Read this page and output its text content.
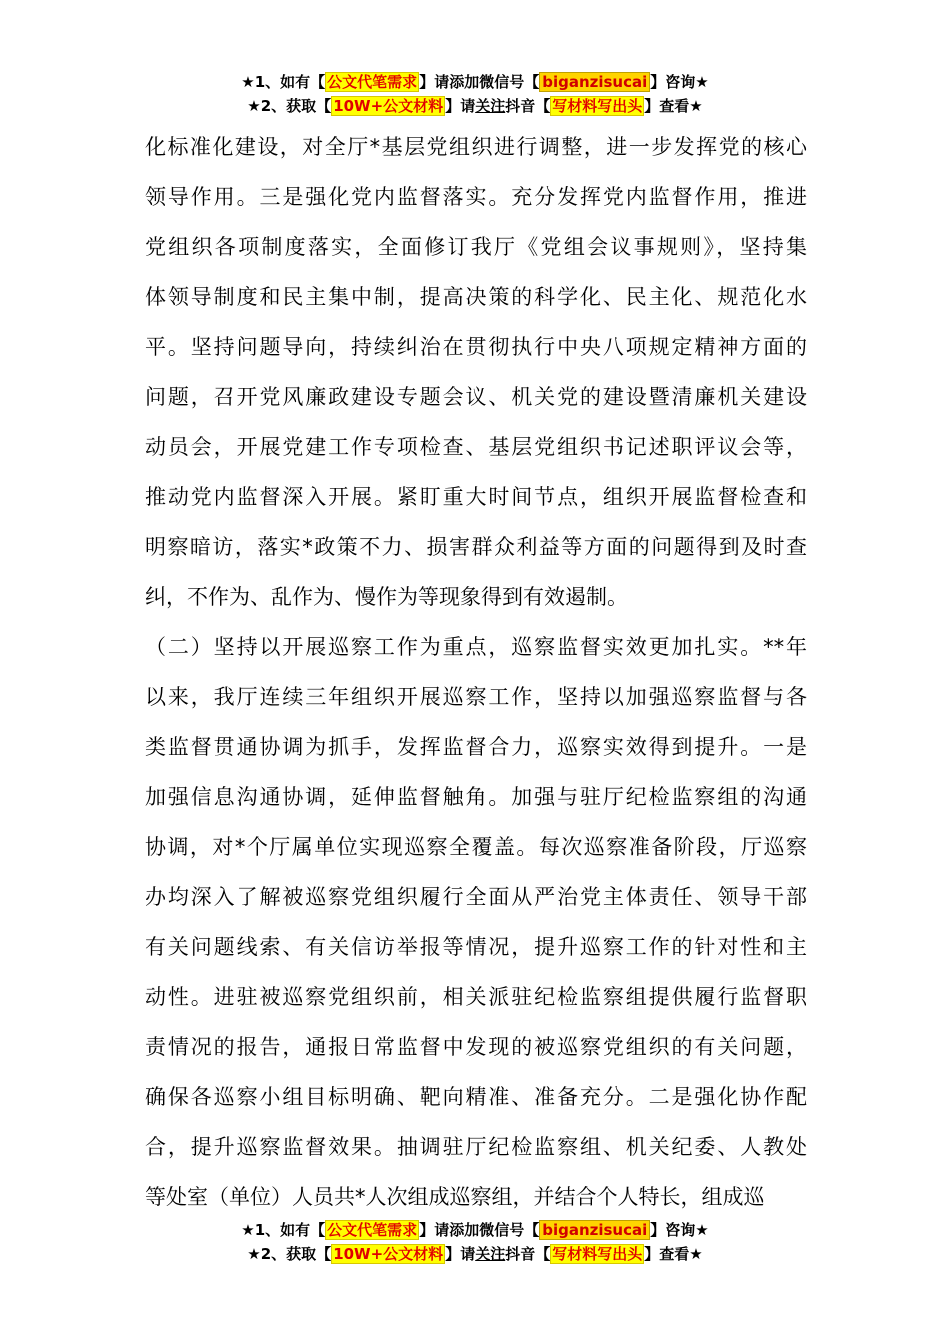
★1、如有【 公文代笔需求 】请添加微信号【 biganzisucai 】咨询★
★2、获取【 10W+公文材料 】请关注抖音【 写材料写出头 】查看★
化标准化建设，对全厅*基层党组织进行调整，进一步发挥党的核心
领导作用。三是强化党内监督落实。充分发挥党内监督作用，推进
党组织各项制度落实，全面修订我厅《党组会议事规则》，坚持集
体领导制度和民主集中制，提高决策的科学化、民主化、规范化水
平。坚持问题导向，持续纠治在贯彻执行中央八项规定精神方面的
问题，召开党风廉政建设专题会议、机关党的建设暨清廉机关建设
动员会，开展党建工作专项检查、基层党组织书记述职评议会等，
推动党内监督深入开展。紧盯重大时间节点，组织开展监督检查和
明察暗访，落实*政策不力、损害群众利益等方面的问题得到及时查
纠，不作为、乱作为、慢作为等现象得到有效遏制。
（二）坚持以开展巡察工作为重点，巡察监督实效更加扎实。**年
以来，我厅连续三年组织开展巡察工作，坚持以加强巡察监督与各
类监督贯通协调为抓手，发挥监督合力，巡察实效得到提升。一是
加强信息沟通协调，延伸监督触角。加强与驻厅纪检监察组的沟通
协调，对*个厅属单位实现巡察全覆盖。每次巡察准备阶段，厅巡察
办均深入了解被巡察党组织履行全面从严治党主体责任、领导干部
有关问题线索、有关信访举报等情况，提升巡察工作的针对性和主
动性。进驻被巡察党组织前，相关派驻纪检监察组提供履行监督职
责情况的报告，通报日常监督中发现的被巡察党组织的有关问题，
确保各巡察小组目标明确、靶向精准、准备充分。二是强化协作配
合，提升巡察监督效果。抽调驻厅纪检监察组、机关纪委、人教处
等处室（单位）人员共*人次组成巡察组，并结合个人特长，组成巡
★1、如有【 公文代笔需求 】请添加微信号【 biganzisucai 】咨询★
★2、获取【 10W+公文材料 】请关注抖音【 写材料写出头 】查看★
